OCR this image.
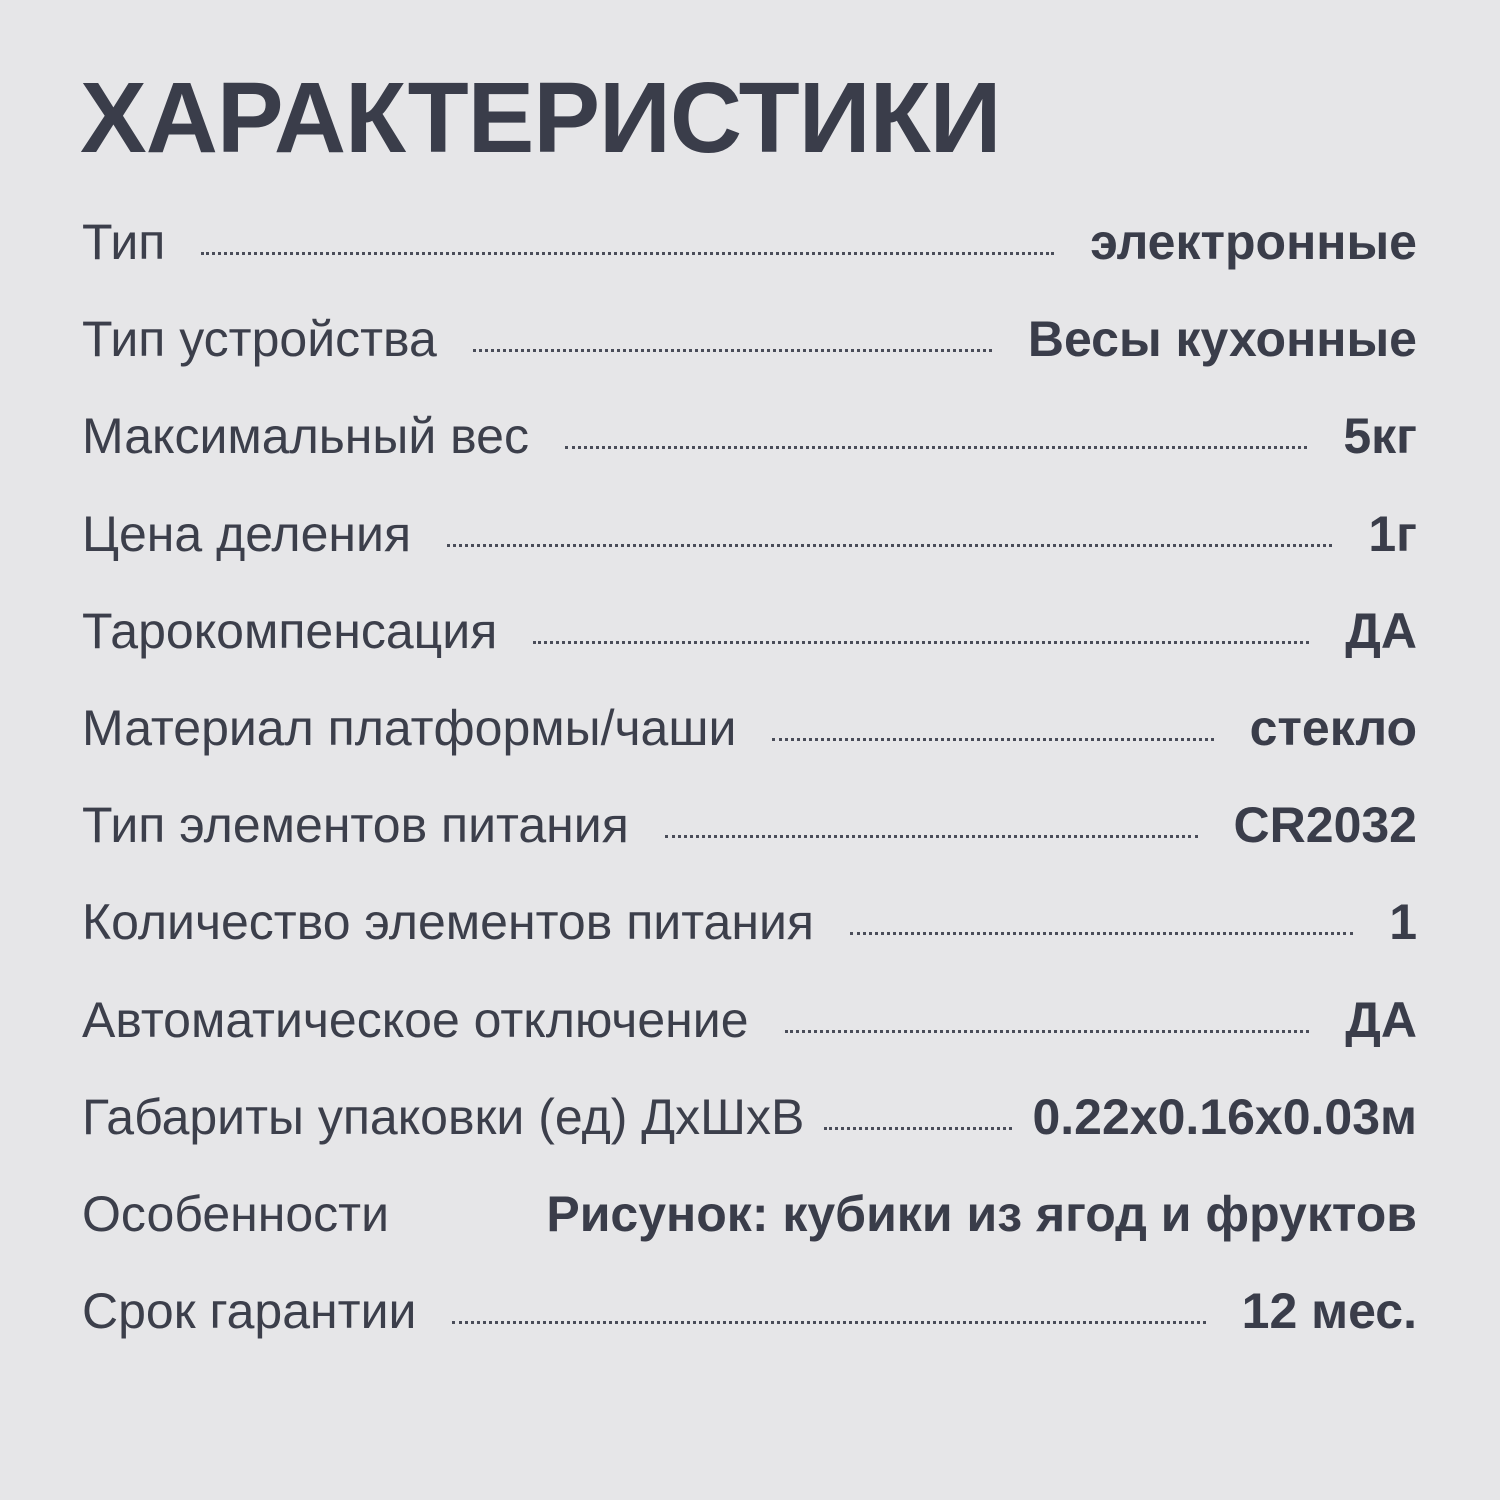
ХАРАКТЕРИСТИКИ
Тип	электронные
Тип устройства	Весы кухонные
Максимальный вес	5кг
Цена деления	1г
Тарокомпенсация	ДА
Материал платформы/чаши	стекло
Тип элементов питания	CR2032
Количество элементов питания	1
Автоматическое отключение	ДА
Габариты упаковки (ед) ДхШхВ	0.22x0.16x0.03м
Особенности	Рисунок: кубики из ягод и фруктов
Срок гарантии	12 мес.
